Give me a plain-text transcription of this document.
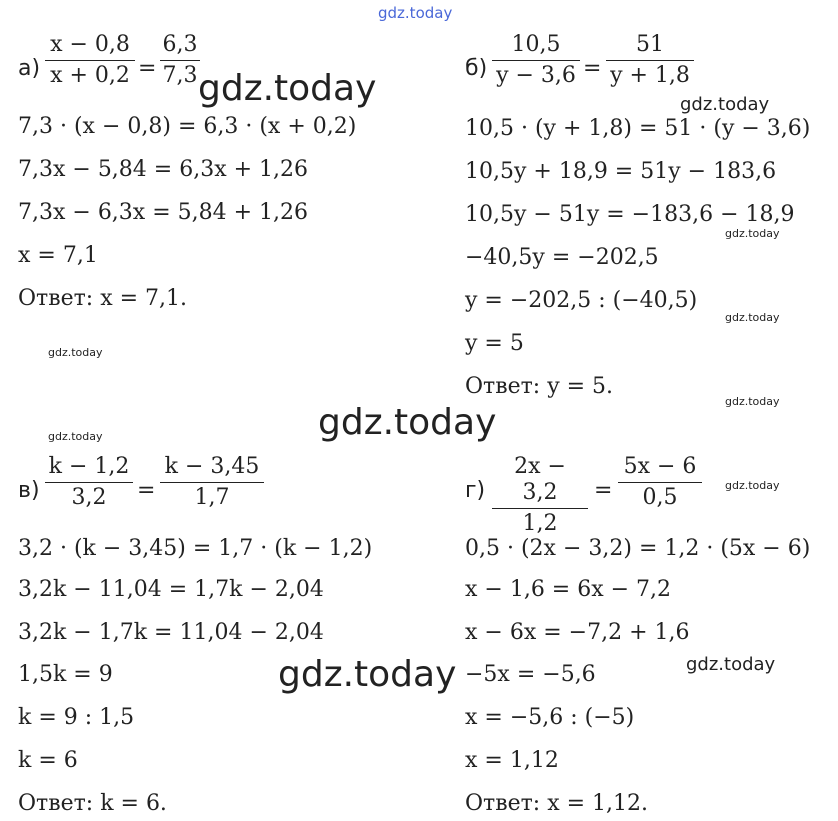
gdz.today
$а) \frac{x - 0,8}{x + 0,2} = \frac{6,3}{7,3}$
7,3 · (x − 0,8) = 6,3 · (x + 0,2)
7,3x − 5,84 = 6,3x + 1,26
7,3x − 6,3x = 5,84 + 1,26
x = 7,1
Ответ: x = 7,1.
$б) \frac{10,5}{y - 3,6} = \frac{51}{y + 1,8}$
10,5 · (y + 1,8) = 51 · (y − 3,6)
10,5y + 18,9 = 51y − 183,6
10,5y − 51y = −183,6 − 18,9
−40,5y = −202,5
y = −202,5 : (−40,5)
y = 5
Ответ: y = 5.
$в) \frac{k - 1,2}{3,2} = \frac{k - 3,45}{1,7}$
3,2 · (k − 3,45) = 1,7 · (k − 1,2)
3,2k − 11,04 = 1,7k − 2,04
3,2k − 1,7k = 11,04 − 2,04
1,5k = 9
k = 9 : 1,5
k = 6
Ответ: k = 6.
$г) \frac{2x - 3,2}{1,2} = \frac{5x - 6}{0,5}$
0,5 · (2x − 3,2) = 1,2 · (5x − 6)
x − 1,6 = 6x − 7,2
x − 6x = −7,2 + 1,6
−5x = −5,6
x = −5,6 : (−5)
x = 1,12
Ответ: x = 1,12.
gdz.today
gdz.today
gdz.today
gdz.today
gdz.today
gdz.today
gdz.today
gdz.today
gdz.today
gdz.today
gdz.today
